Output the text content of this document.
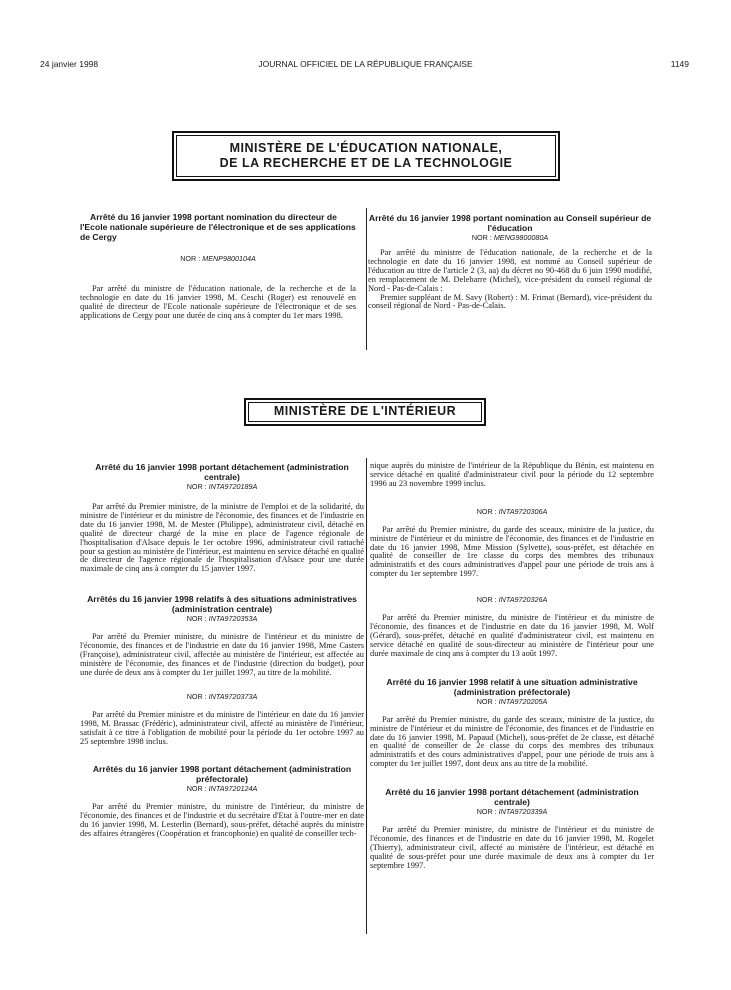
24 janvier 1998	JOURNAL OFFICIEL DE LA RÉPUBLIQUE FRANÇAISE	1149
MINISTÈRE DE L'ÉDUCATION NATIONALE,
DE LA RECHERCHE ET DE LA TECHNOLOGIE

Arrêté du 16 janvier 1998 portant nomination du directeur de l'Ecole nationale supérieure de l'électronique et de ses applications de Cergy

NOR : MENP9800104A

Par arrêté du ministre de l'éducation nationale, de la recherche et de la technologie en date du 16 janvier 1998, M. Ceschi (Roger) est renouvelé en qualité de directeur de l'Ecole nationale supérieure de l'électronique et de ses applications de Cergy pour une durée de cinq ans à compter du 1er mars 1998.

Arrêté du 16 janvier 1998 portant nomination au Conseil supérieur de l'éducation

NOR : MENG9800080A

Par arrêté du ministre de l'éducation nationale, de la recherche et de la technologie en date du 16 janvier 1998, est nommé au Conseil supérieur de l'éducation au titre de l'article 2 (3, aa) du décret no 90-468 du 6 juin 1990 modifié, en remplacement de M. Delebarre (Michel), vice-président du conseil régional de Nord - Pas-de-Calais :

Premier suppléant de M. Savy (Robert) : M. Frimat (Bernard), vice-président du conseil régional de Nord - Pas-de-Calais.

MINISTÈRE DE L'INTÉRIEUR

Arrêté du 16 janvier 1998 portant détachement (administration centrale)

NOR : INTA9720189A

Par arrêté du Premier ministre, de la ministre de l'emploi et de la solidarité, du ministre de l'intérieur et du ministre de l'économie, des finances et de l'industrie en date du 16 janvier 1998, M. de Mester (Philippe), administrateur civil, détaché en qualité de directeur chargé de la mise en place de l'agence régionale de l'hospitalisation d'Alsace depuis le 1er octobre 1996, administrateur civil rattaché pour sa gestion au ministère de l'intérieur, est maintenu en service détaché en qualité de directeur de l'agence régionale de l'hospitalisation d'Alsace pour une durée maximale de cinq ans à compter du 15 janvier 1997.

Arrêtés du 16 janvier 1998 relatifs à des situations administratives (administration centrale)

NOR : INTA9720353A

Par arrêté du Premier ministre, du ministre de l'intérieur et du ministre de l'économie, des finances et de l'industrie en date du 16 janvier 1998, Mme Casters (Françoise), administrateur civil, affectée au ministère de l'intérieur, est affectée au ministère de l'économie, des finances et de l'industrie (direction du budget), pour une durée de deux ans à compter du 1er juillet 1997, au titre de la mobilité.

NOR : INTA9720373A

Par arrêté du Premier ministre et du ministre de l'intérieur en date du 16 janvier 1998, M. Brassac (Frédéric), administrateur civil, affecté au ministère de l'intérieur, satisfait à ce titre à l'obligation de mobilité pour la période du 1er octobre 1997 au 25 septembre 1998 inclus.

Arrêtés du 16 janvier 1998 portant détachement (administration préfectorale)

NOR : INTA9720124A

Par arrêté du Premier ministre, du ministre de l'intérieur, du ministre de l'économie, des finances et de l'industrie et du secrétaire d'Etat à l'outre-mer en date du 16 janvier 1998, M. Lesterlin (Bernard), sous-préfet, détaché auprès du ministre des affaires étrangères (Coopération et francophonie) en qualité de conseiller tech-

nique auprès du ministre de l'intérieur de la République du Bénin, est maintenu en service détaché en qualité d'administrateur civil pour la période du 12 septembre 1996 au 23 novembre 1999 inclus.

NOR : INTA9720306A

Par arrêté du Premier ministre, du garde des sceaux, ministre de la justice, du ministre de l'intérieur et du ministre de l'économie, des finances et de l'industrie en date du 16 janvier 1998, Mme Mission (Sylvette), sous-préfet, est détachée en qualité de conseiller de 1re classe du corps des membres des tribunaux administratifs et des cours administratives d'appel pour une période de trois ans à compter du 1er septembre 1997.

NOR : INTA9720326A

Par arrêté du Premier ministre, du ministre de l'intérieur et du ministre de l'économie, des finances et de l'industrie en date du 16 janvier 1998, M. Wolf (Gérard), sous-préfet, détaché en qualité d'administrateur civil, est maintenu en service détaché en qualité de sous-directeur au ministère de l'intérieur pour une durée maximale de cinq ans à compter du 13 août 1997.

Arrêté du 16 janvier 1998 relatif à une situation administrative (administration préfectorale)

NOR : INTA9720205A

Par arrêté du Premier ministre, du garde des sceaux, ministre de la justice, du ministre de l'intérieur et du ministre de l'économie, des finances et de l'industrie en date du 16 janvier 1998, M. Papaud (Michel), sous-préfet de 2e classe, est détaché en qualité de conseiller de 2e classe du corps des membres des tribunaux administratifs et des cours administratives d'appel, pour une période de trois ans à compter du 1er juillet 1997, dont deux ans au titre de la mobilité.

Arrêté du 16 janvier 1998 portant détachement (administration centrale)

NOR : INTA9720339A

Par arrêté du Premier ministre, du ministre de l'intérieur et du ministre de l'économie, des finances et de l'industrie en date du 16 janvier 1998, M. Rogelet (Thierry), administrateur civil, affecté au ministère de l'intérieur, est détaché en qualité de sous-préfet pour une durée maximale de deux ans à compter du 1er septembre 1997.
